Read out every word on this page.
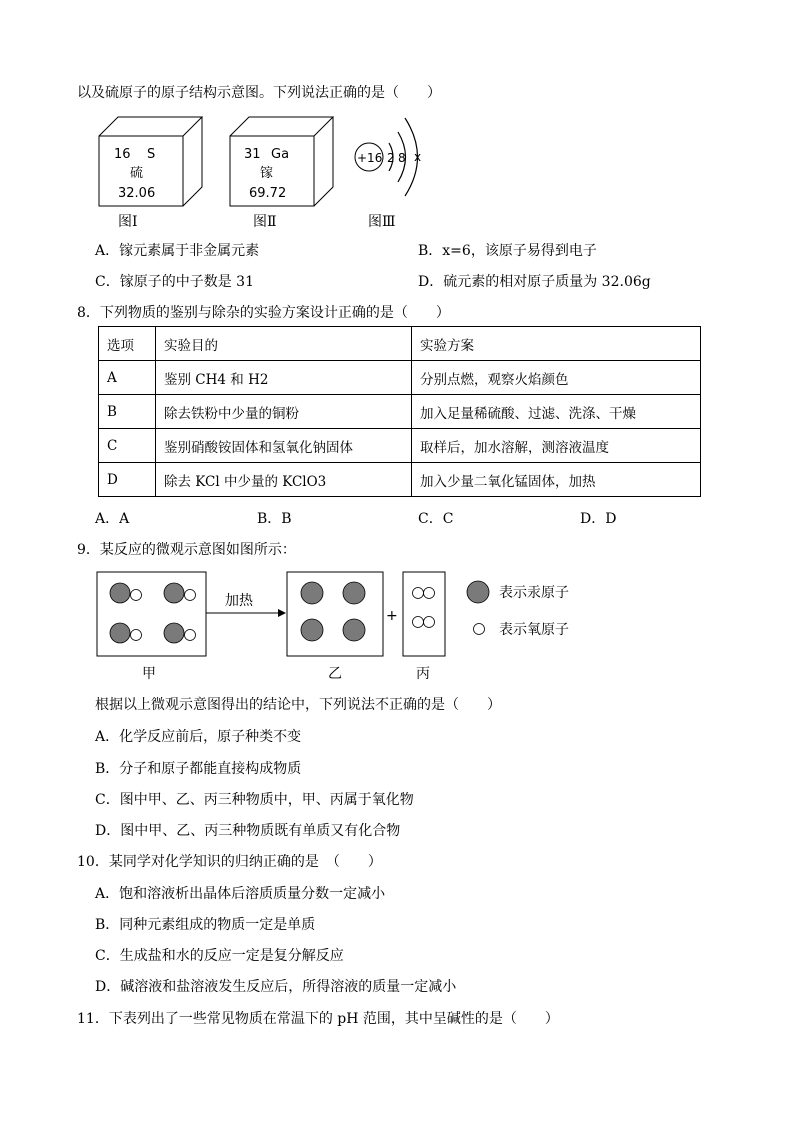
以及硫原子的原子结构示意图。下列说法正确的是（　　）
16 S
硫
32.06
31 Ga
镓
69.72
+16 2 8 x
图Ⅰ	图Ⅱ	图Ⅲ
A．镓元素属于非金属元素	B．x=6，该原子易得到电子
C．镓原子的中子数是 31	D．硫元素的相对原子质量为 32.06g
8．下列物质的鉴别与除杂的实验方案设计正确的是（　　）
选项	实验目的	实验方案
A	鉴别 CH4 和 H2	分别点燃，观察火焰颜色
B	除去铁粉中少量的铜粉	加入足量稀硫酸、过滤、洗涤、干燥
C	鉴别硝酸铵固体和氢氧化钠固体	取样后，加水溶解，测溶液温度
D	除去 KCl 中少量的 KClO3	加入少量二氧化锰固体，加热
A．A	B．B	C．C	D．D
9．某反应的微观示意图如图所示：
加热
+
表示汞原子
表示氧原子
甲	乙	丙
根据以上微观示意图得出的结论中，下列说法不正确的是（　　）
A．化学反应前后，原子种类不变
B．分子和原子都能直接构成物质
C．图中甲、乙、丙三种物质中，甲、丙属于氧化物
D．图中甲、乙、丙三种物质既有单质又有化合物
10．某同学对化学知识的归纳正确的是　（　　）
A．饱和溶液析出晶体后溶质质量分数一定减小
B．同种元素组成的物质一定是单质
C．生成盐和水的反应一定是复分解反应
D．碱溶液和盐溶液发生反应后，所得溶液的质量一定减小
11．下表列出了一些常见物质在常温下的 pH 范围，其中呈碱性的是（　　）
